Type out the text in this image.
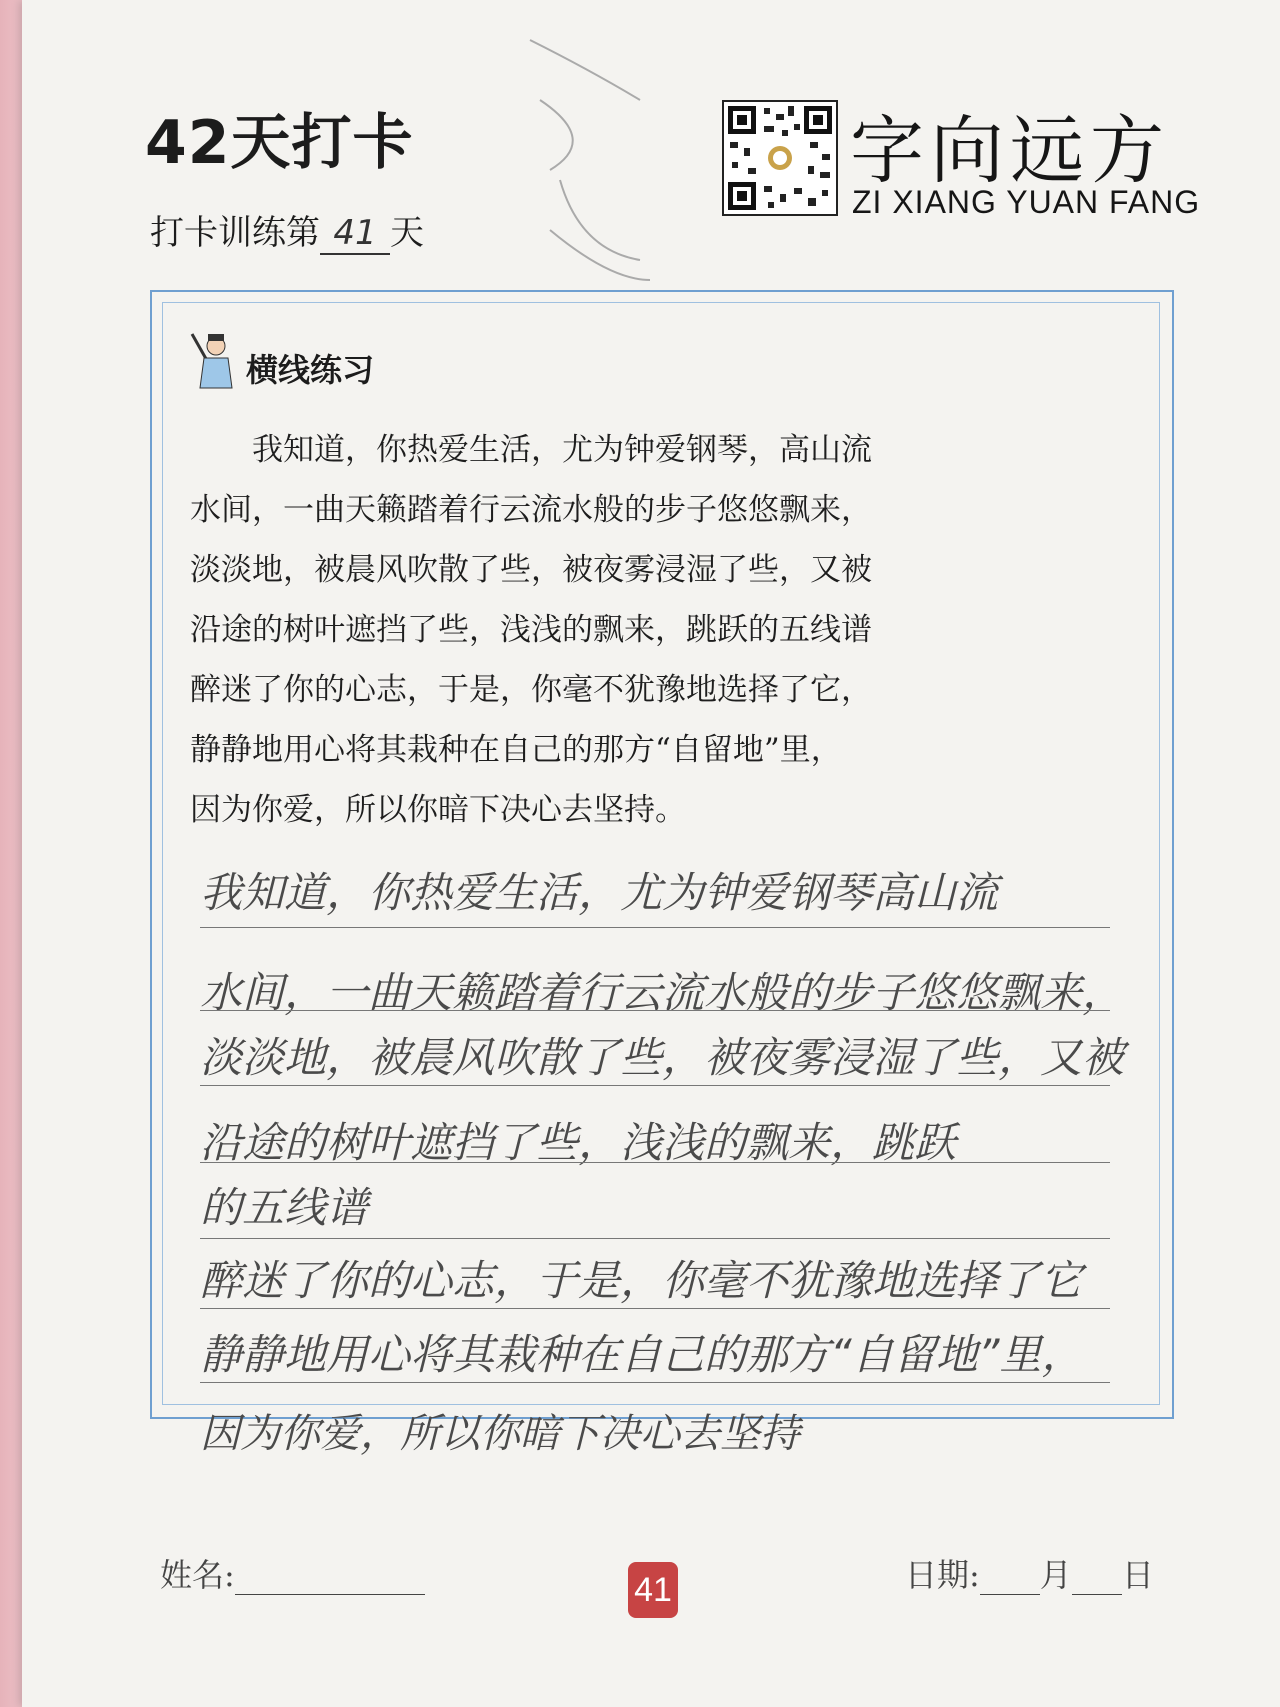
42天打卡
打卡训练第 41 天
字向远方
ZI XIANG YUAN FANG
横线练习

　　我知道，你热爱生活，尤为钟爱钢琴，高山流

水间，一曲天籁踏着行云流水般的步子悠悠飘来，

淡淡地，被晨风吹散了些，被夜雾浸湿了些，又被

沿途的树叶遮挡了些，浅浅的飘来，跳跃的五线谱

醉迷了你的心志，于是，你毫不犹豫地选择了它，

静静地用心将其栽种在自己的那方“自留地”里，

因为你爱，所以你暗下决心去坚持。

我知道，你热爱生活，尤为钟爱钢琴高山流
水间，一曲天籁踏着行云流水般的步子悠悠飘来，
淡淡地，被晨风吹散了些，被夜雾浸湿了些，又被
沿途的树叶遮挡了些，浅浅的飘来，跳跃
的五线谱
醉迷了你的心志，于是，你毫不犹豫地选择了它
静静地用心将其栽种在自己的那方“自留地”里，
因为你爱，所以你暗下决心去坚持
姓名:	41	日期: 月 日
